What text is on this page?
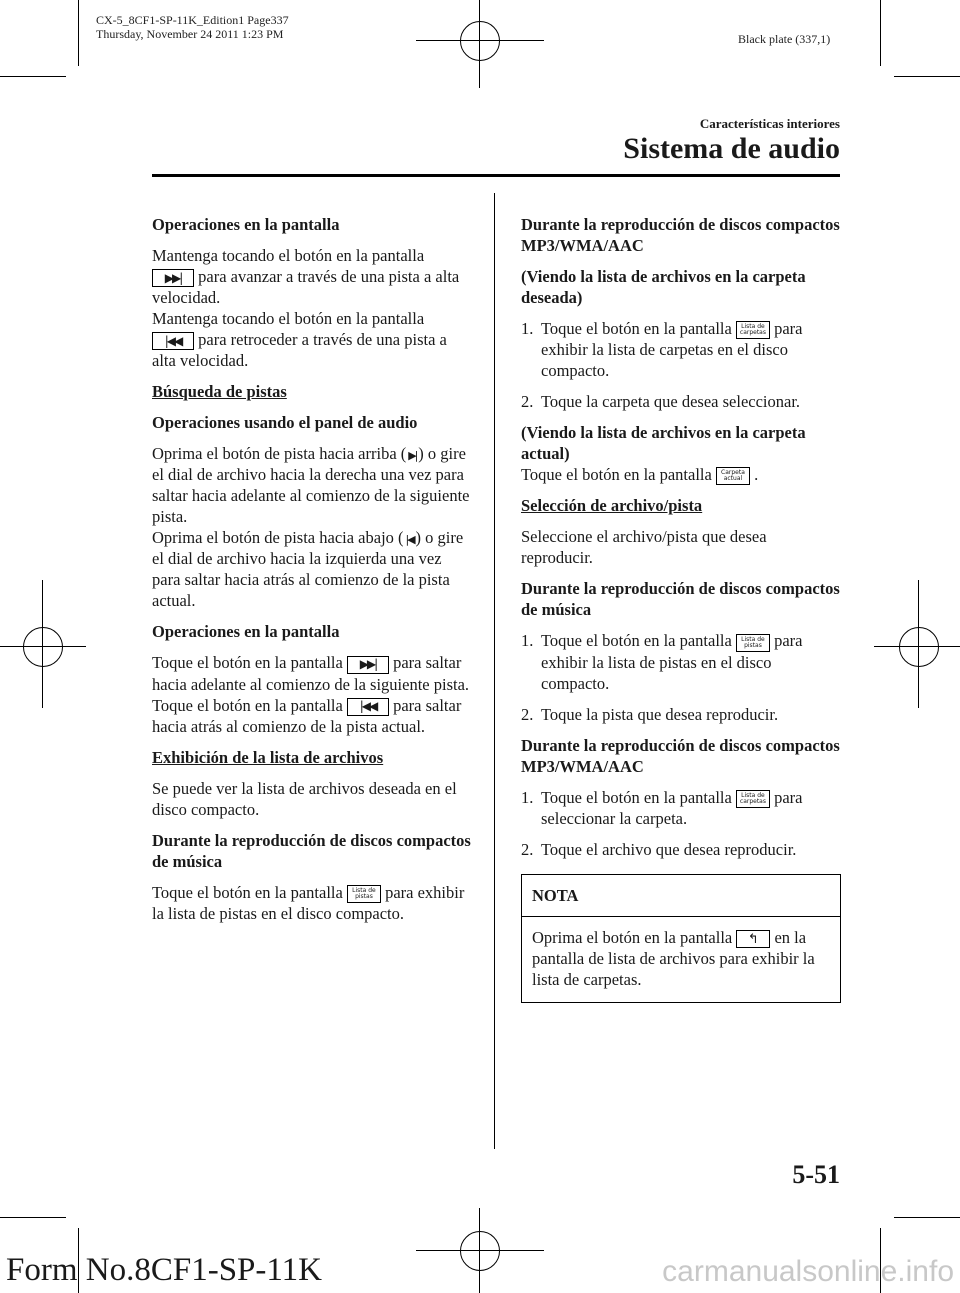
CX-5_8CF1-SP-11K_Edition1 Page337
Thursday, November 24 2011 1:23 PM	Black plate (337,1)
Características interiores
Sistema de audio

Operaciones en la pantalla

Mantenga tocando el botón en la pantalla
▶▶| para avanzar a través de una pista a alta velocidad.
Mantenga tocando el botón en la pantalla
|◀◀ para retroceder a través de una pista a alta velocidad.

Búsqueda de pistas

Operaciones usando el panel de audio

Oprima el botón de pista hacia arriba ( ▶| ) o gire el dial de archivo hacia la derecha una vez para saltar hacia adelante al comienzo de la siguiente pista.
Oprima el botón de pista hacia abajo ( |◀ ) o gire el dial de archivo hacia la izquierda una vez para saltar hacia atrás al comienzo de la pista actual.

Operaciones en la pantalla

Toque el botón en la pantalla ▶▶| para saltar hacia adelante al comienzo de la siguiente pista.
Toque el botón en la pantalla |◀◀ para saltar hacia atrás al comienzo de la pista actual.

Exhibición de la lista de archivos

Se puede ver la lista de archivos deseada en el disco compacto.

Durante la reproducción de discos compactos de música

Toque el botón en la pantalla Lista de
pistas para exhibir la lista de pistas en el disco compacto.

Durante la reproducción de discos compactos MP3/WMA/AAC

(Viendo la lista de archivos en la carpeta deseada)

1. Toque el botón en la pantalla Lista de
carpetas para exhibir la lista de carpetas en el disco compacto.
2. Toque la carpeta que desea seleccionar.

(Viendo la lista de archivos en la carpeta actual)
Toque el botón en la pantalla Carpeta
actual .

Selección de archivo/pista

Seleccione el archivo/pista que desea reproducir.

Durante la reproducción de discos compactos de música

1. Toque el botón en la pantalla Lista de
pistas para exhibir la lista de pistas en el disco compacto.
2. Toque la pista que desea reproducir.

Durante la reproducción de discos compactos MP3/WMA/AAC

1. Toque el botón en la pantalla Lista de
carpetas para seleccionar la carpeta.
2. Toque el archivo que desea reproducir.
NOTA
Oprima el botón en la pantalla ↰ en la pantalla de lista de archivos para exhibir la lista de carpetas.
5-51
Form No.8CF1-SP-11K	carmanualsonline.info
